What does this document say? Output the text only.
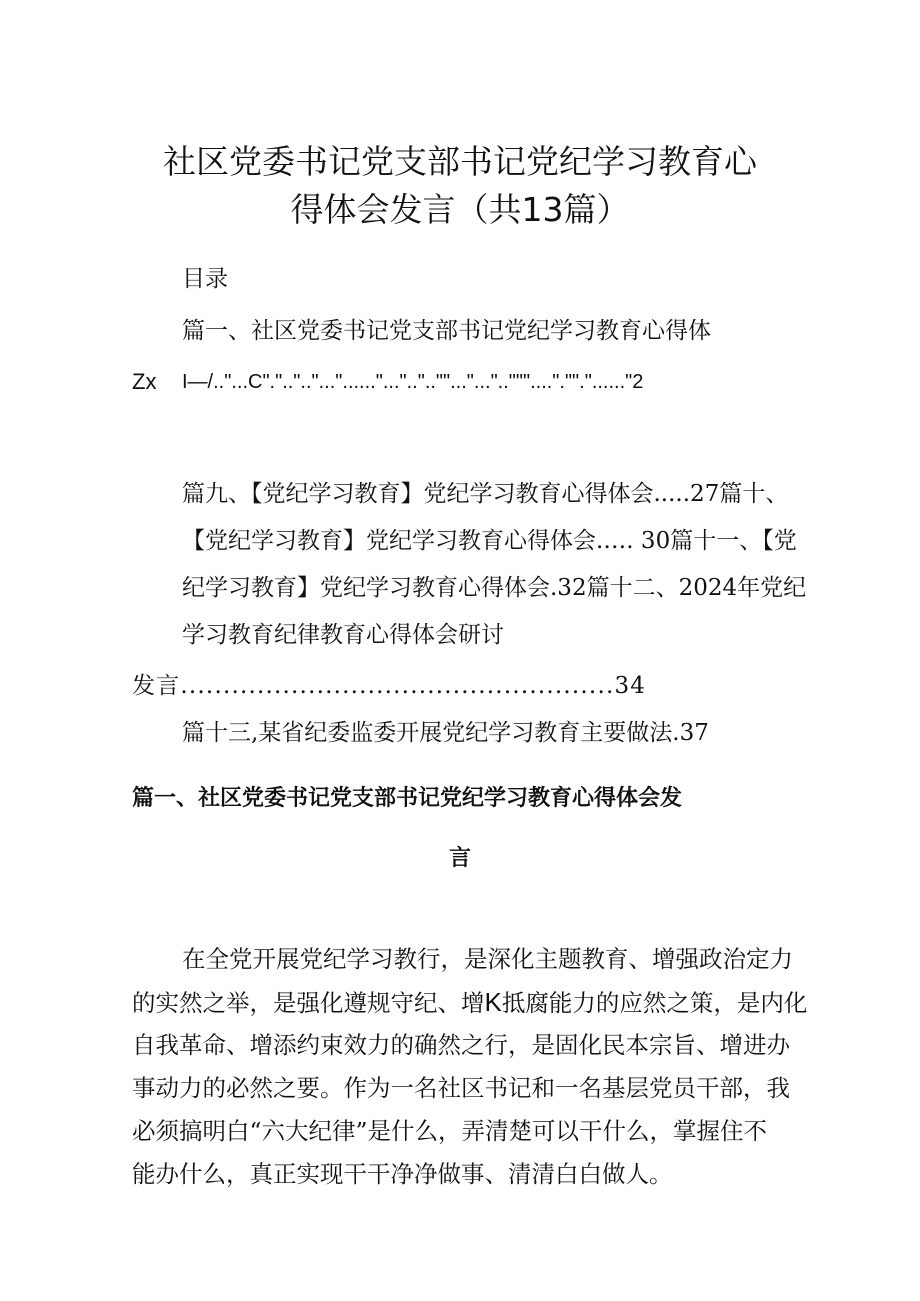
社区党委书记党支部书记党纪学习教育心
得体会发言（共13篇）
目录
篇一、社区党委书记党支部书记党纪学习教育心得体
Zx I—/.."...C"."..".."..."......"...".."..""..."...".."""....".""."......"2
篇九、【党纪学习教育】党纪学习教育心得体会.....27篇十、
【党纪学习教育】党纪学习教育心得体会.…. 30篇十一、【党
纪学习教育】党纪学习教育心得体会.32篇十二、2024年党纪
学习教育纪律教育心得体会研讨
发言...................................................34
篇十三,某省纪委监委开展党纪学习教育主要做法.37
篇一、社区党委书记党支部书记党纪学习教育心得体会发
言
在全党开展党纪学习教行，是深化主题教育、增强政治定力
的实然之举，是强化遵规守纪、增K抵腐能力的应然之策，是内化
自我革命、增添约束效力的确然之行，是固化民本宗旨、增进办
事动力的必然之要。作为一名社区书记和一名基层党员干部，我
必须搞明白“六大纪律”是什么，弄清楚可以干什么，掌握住不
能办什么，真正实现干干净净做事、清清白白做人。
